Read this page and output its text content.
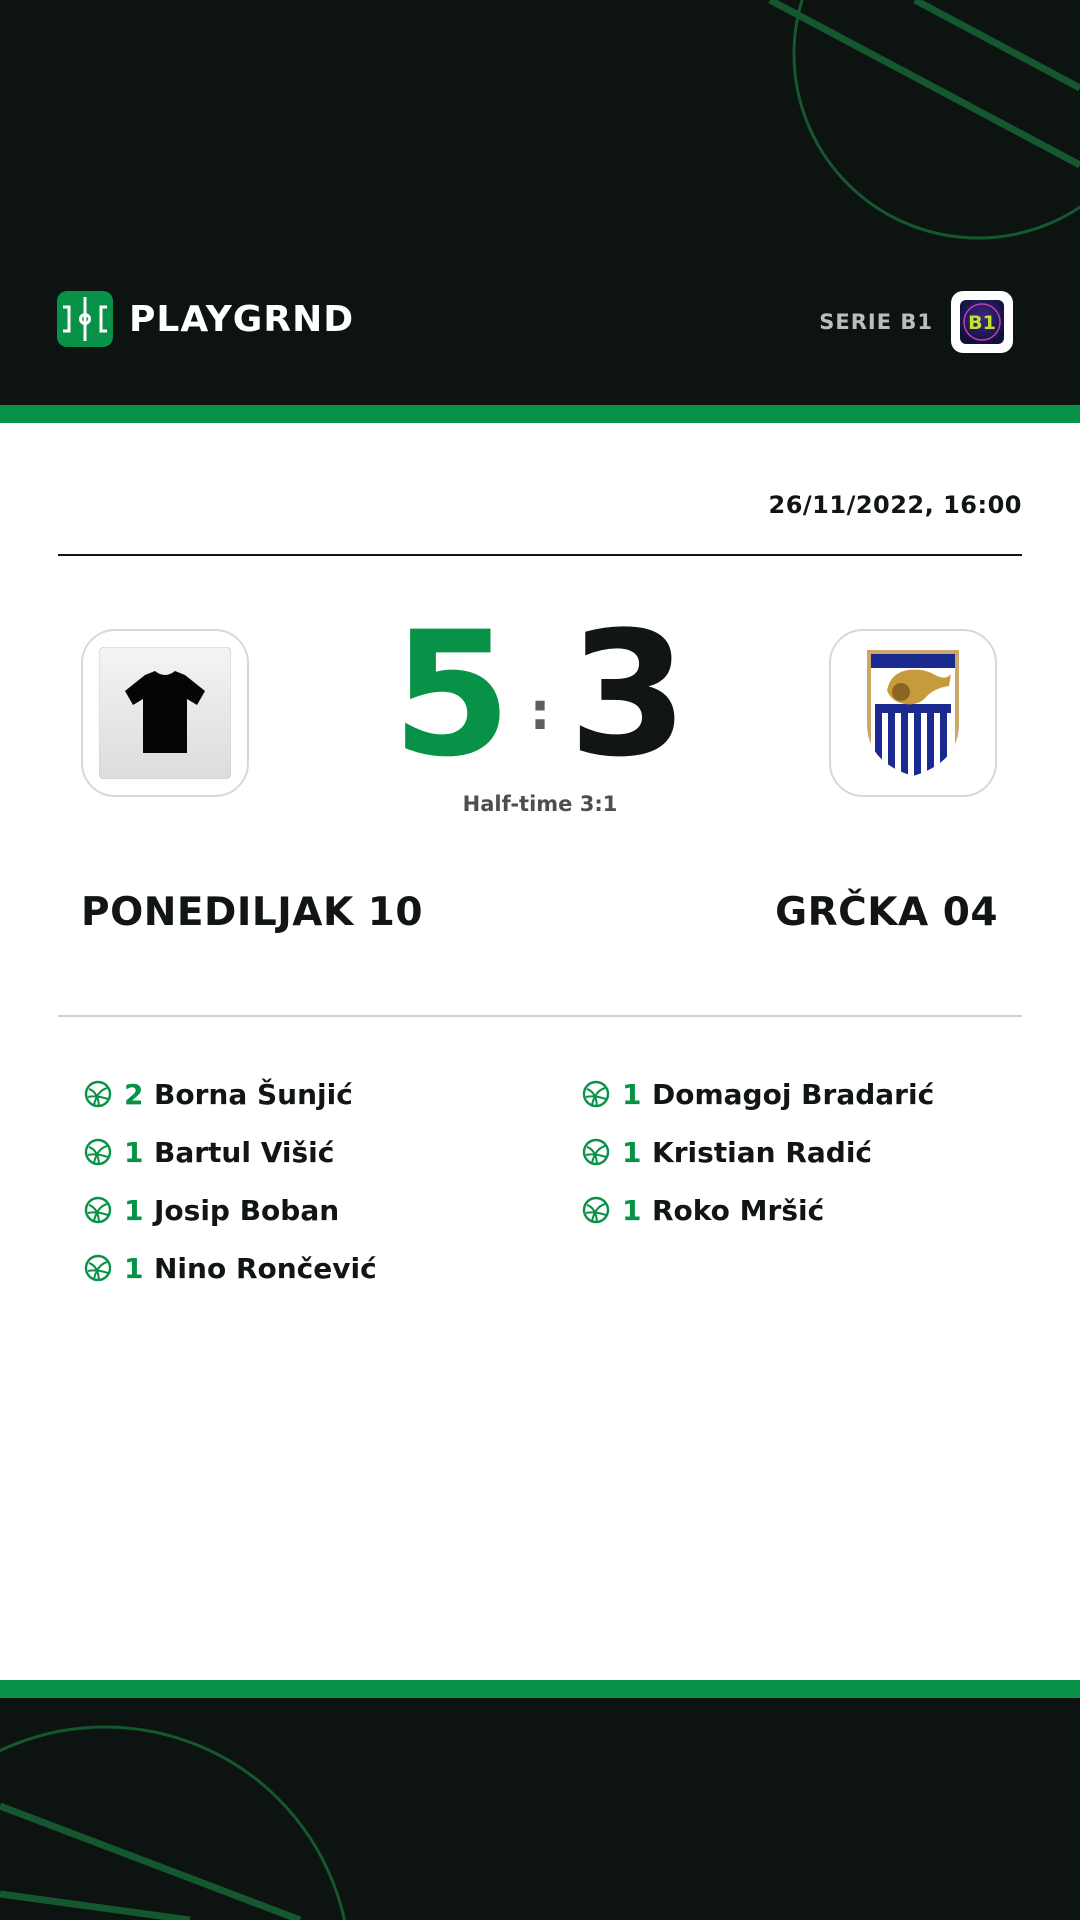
PLAYGRND	SERIE B1 B1
26/11/2022, 16:00
5 : 3
Half-time 3:1
PONEDILJAK 10	GRČKA 04
2 Borna Šunjić
1 Bartul Višić
1 Josip Boban
1 Nino Rončević
1 Domagoj Bradarić
1 Kristian Radić
1 Roko Mršić
